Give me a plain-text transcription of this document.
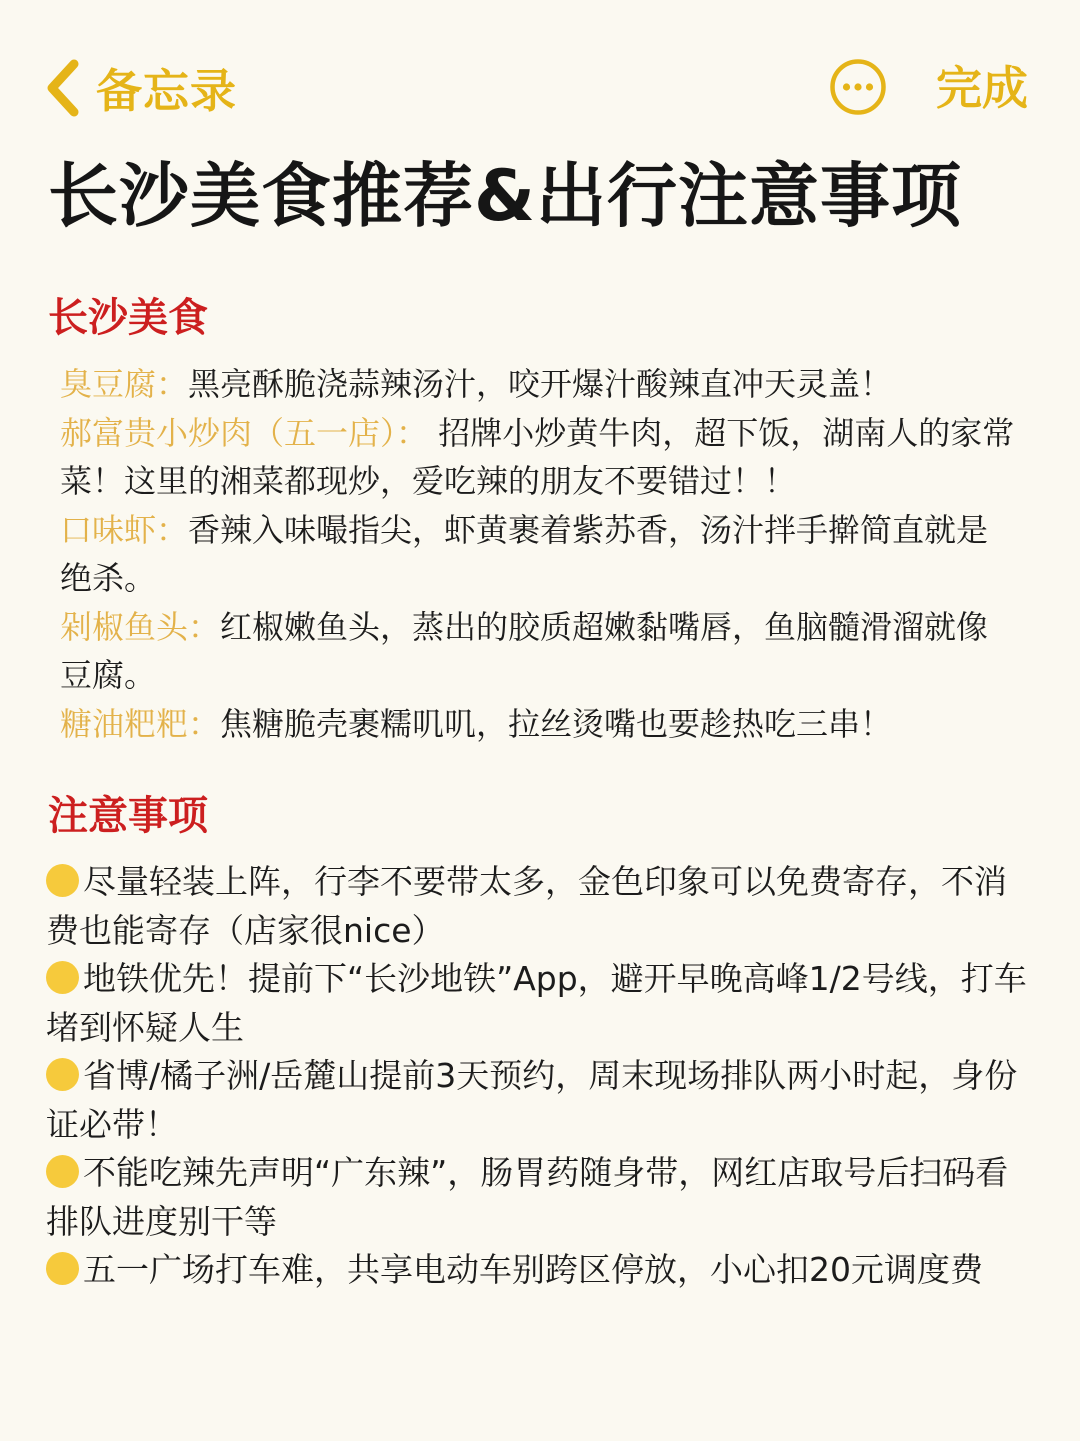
备忘录	完成
长沙美食推荐&出行注意事项
长沙美食

臭豆腐：黑亮酥脆浇蒜辣汤汁，咬开爆汁酸辣直冲天灵盖！

郝富贵小炒肉（五一店）： 招牌小炒黄牛肉，超下饭，湖南人的家常菜！这里的湘菜都现炒，爱吃辣的朋友不要错过！！

口味虾：香辣入味嘬指尖，虾黄裹着紫苏香，汤汁拌手擀简直就是绝杀。

剁椒鱼头：红椒嫩鱼头，蒸出的胶质超嫩黏嘴唇，鱼脑髓滑溜就像豆腐。

糖油粑粑：焦糖脆壳裹糯叽叽，拉丝烫嘴也要趁热吃三串！

注意事项

尽量轻装上阵，行李不要带太多，金色印象可以免费寄存，不消费也能寄存（店家很nice）

地铁优先！提前下“长沙地铁”App，避开早晚高峰1/2号线，打车堵到怀疑人生

省博/橘子洲/岳麓山提前3天预约，周末现场排队两小时起，身份证必带！

不能吃辣先声明“广东辣”，肠胃药随身带，网红店取号后扫码看排队进度别干等

五一广场打车难，共享电动车别跨区停放，小心扣20元调度费
